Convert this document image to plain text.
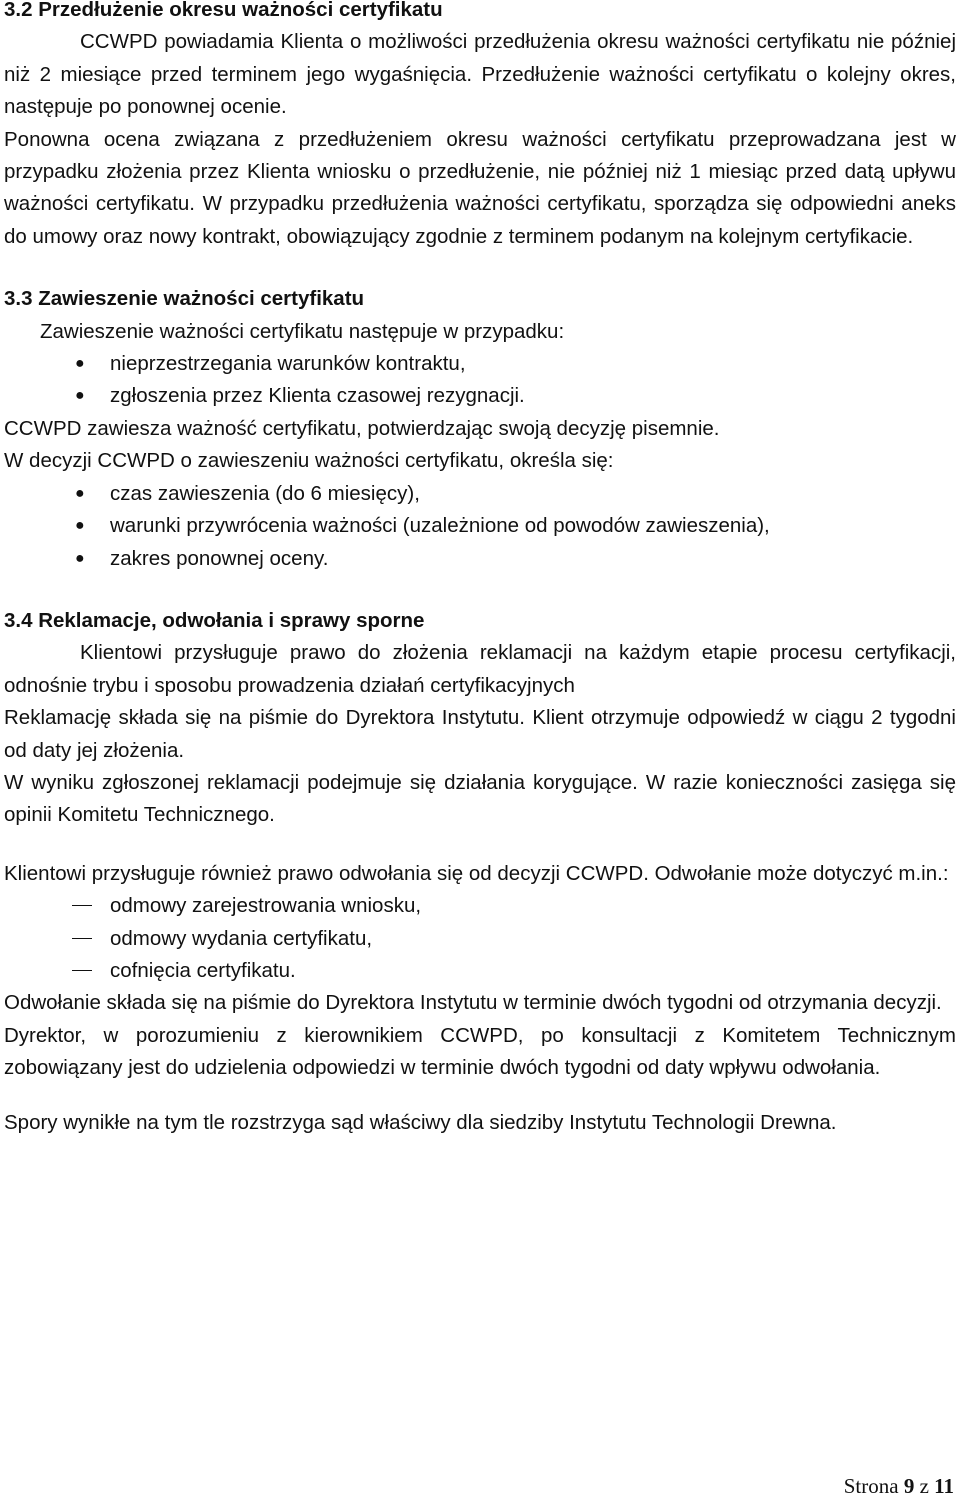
3.2 Przedłużenie okresu ważności certyfikatu

CCWPD powiadamia Klienta o możliwości przedłużenia okresu ważności certyfikatu nie później niż 2 miesiące przed terminem jego wygaśnięcia. Przedłużenie ważności certyfikatu o kolejny okres, następuje po ponownej ocenie.

Ponowna ocena związana z przedłużeniem okresu ważności certyfikatu przeprowadzana jest w przypadku złożenia przez Klienta wniosku o przedłużenie, nie później niż 1 miesiąc przed datą upływu ważności certyfikatu. W przypadku przedłużenia ważności certyfikatu, sporządza się odpowiedni aneks do umowy oraz nowy kontrakt, obowiązujący zgodnie z terminem podanym na kolejnym certyfikacie.

3.3 Zawieszenie ważności certyfikatu

Zawieszenie ważności certyfikatu następuje w przypadku:

● nieprzestrzegania warunków kontraktu,
● zgłoszenia przez Klienta czasowej rezygnacji.

CCWPD zawiesza ważność certyfikatu, potwierdzając swoją decyzję pisemnie.

W decyzji CCWPD o zawieszeniu ważności certyfikatu, określa się:

● czas zawieszenia (do 6 miesięcy),
● warunki przywrócenia ważności (uzależnione od powodów zawieszenia),
● zakres ponownej oceny.
3.4 Reklamacje, odwołania i sprawy sporne

Klientowi przysługuje prawo do złożenia reklamacji na każdym etapie procesu certyfikacji, odnośnie trybu i sposobu prowadzenia działań certyfikacyjnych

Reklamację składa się na piśmie do Dyrektora Instytutu. Klient otrzymuje odpowiedź w ciągu 2 tygodni od daty jej złożenia.

W wyniku zgłoszonej reklamacji podejmuje się działania korygujące. W razie konieczności zasięga się opinii Komitetu Technicznego.

Klientowi przysługuje również prawo odwołania się od decyzji CCWPD. Odwołanie może dotyczyć m.in.:

odmowy zarejestrowania wniosku,
odmowy wydania certyfikatu,
cofnięcia certyfikatu.

Odwołanie składa się na piśmie do Dyrektora Instytutu w terminie dwóch tygodni od otrzymania decyzji.

Dyrektor, w porozumieniu z kierownikiem CCWPD, po konsultacji z Komitetem Technicznym zobowiązany jest do udzielenia odpowiedzi w terminie dwóch tygodni od daty wpływu odwołania.

Spory wynikłe na tym tle rozstrzyga sąd właściwy dla siedziby Instytutu Technologii Drewna.

Strona 9 z 11
